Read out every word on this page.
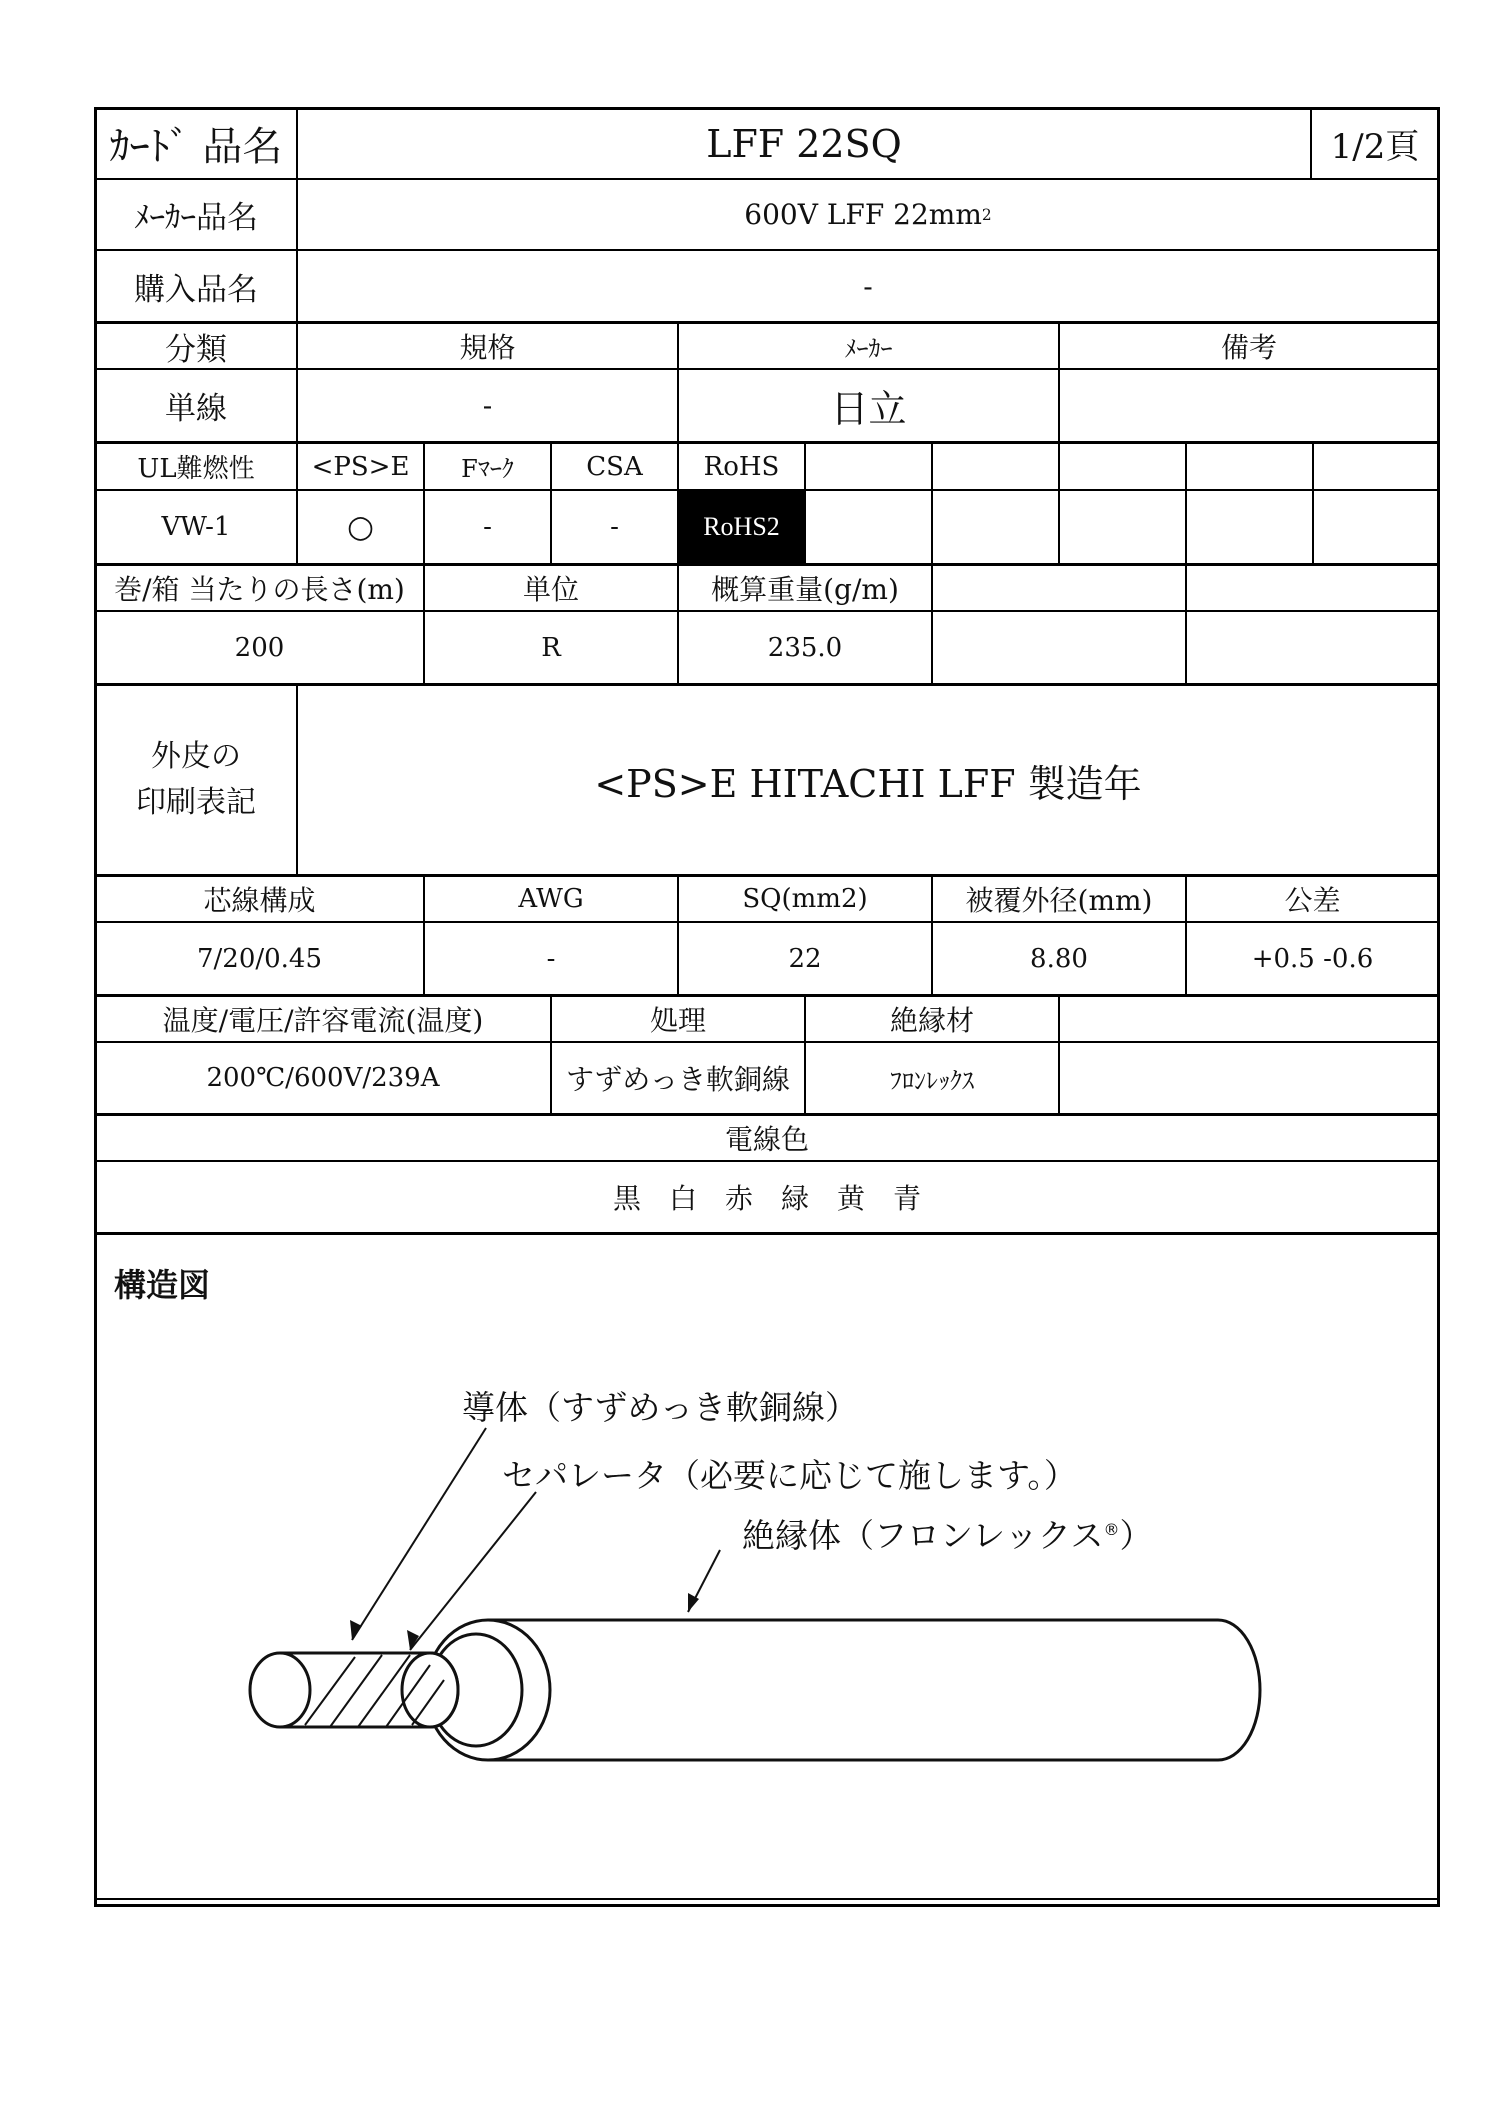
ｶｰﾄﾞ 品名	LFF 22SQ	1/2頁
ﾒｰｶｰ品名	600V LFF 22mm 2
購入品名	-
分類	規格	ﾒｰｶｰ	備考
単線	-	日立
UL難燃性	<PS>E	Fﾏｰｸ	CSA	RoHS
VW-1	○	-	-	RoHS2
巻/箱 当たりの長さ(m)	単位	概算重量(g/m)
200	R	235.0
外皮の
印刷表記	<PS>E HITACHI LFF 製造年
芯線構成	AWG	SQ(mm2)	被覆外径(mm)	公差
7/20/0.45	-	22	8.80	+0.5 -0.6
温度/電圧/許容電流(温度)	処理	絶縁材
200℃/600V/239A	すずめっき軟銅線	ﾌﾛﾝﾚｯｸｽ
電線色
黒　白　赤　緑　黄　青
構造図
導体（すずめっき軟銅線）
セパレータ（必要に応じて施します。）
絶縁体（フロンレックス®）
